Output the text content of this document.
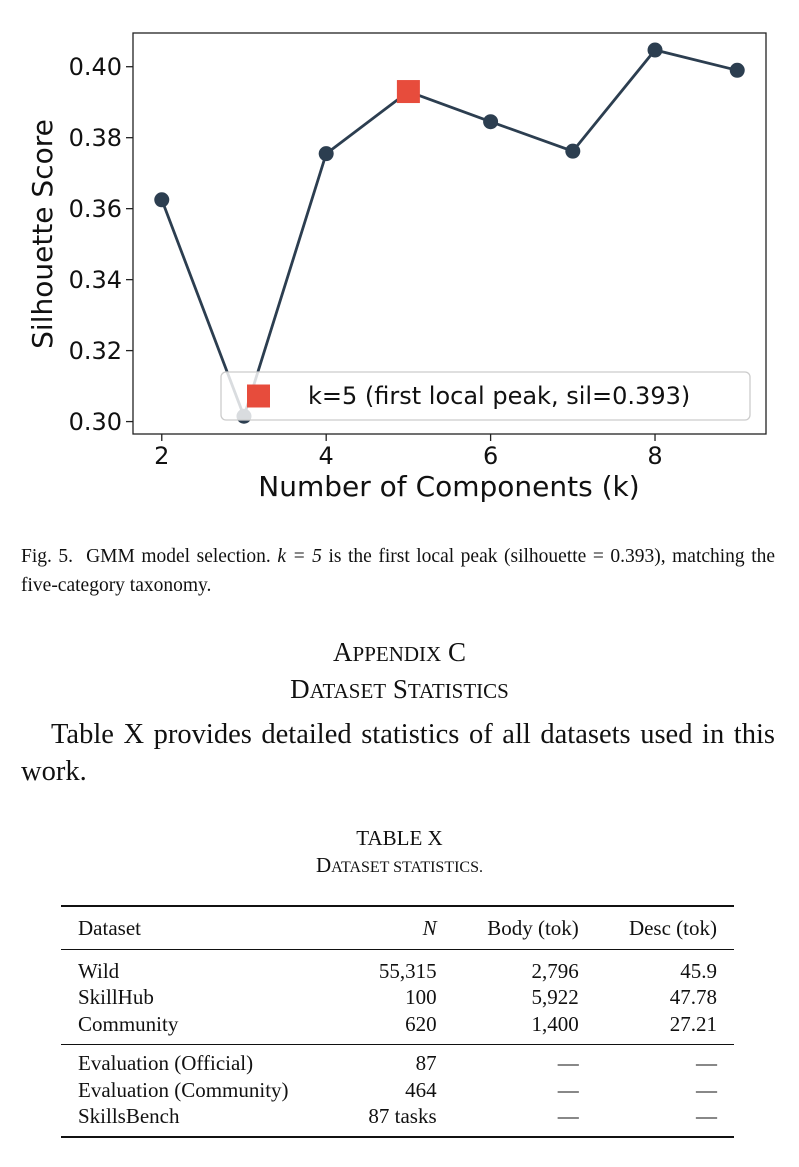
2	4	6	8
0.30
0.32
0.34
0.36
0.38
0.40
k=5 (first local peak, sil=0.393)
Number of Components (k)
Silhouette Score
Fig. 5. GMM model selection. k = 5 is the first local peak (silhouette = 0.393), matching the five-category taxonomy.
APPENDIX C
DATASET STATISTICS
Table X provides detailed statistics of all datasets used in this work.
TABLE X
DATASET STATISTICS.
Dataset	N	Body (tok)	Desc (tok)
Wild	55,315	2,796	45.9
SkillHub	100	5,922	47.78
Community	620	1,400	27.21
Evaluation (Official)	87	—	—
Evaluation (Community)	464	—	—
SkillsBench	87 tasks	—	—
